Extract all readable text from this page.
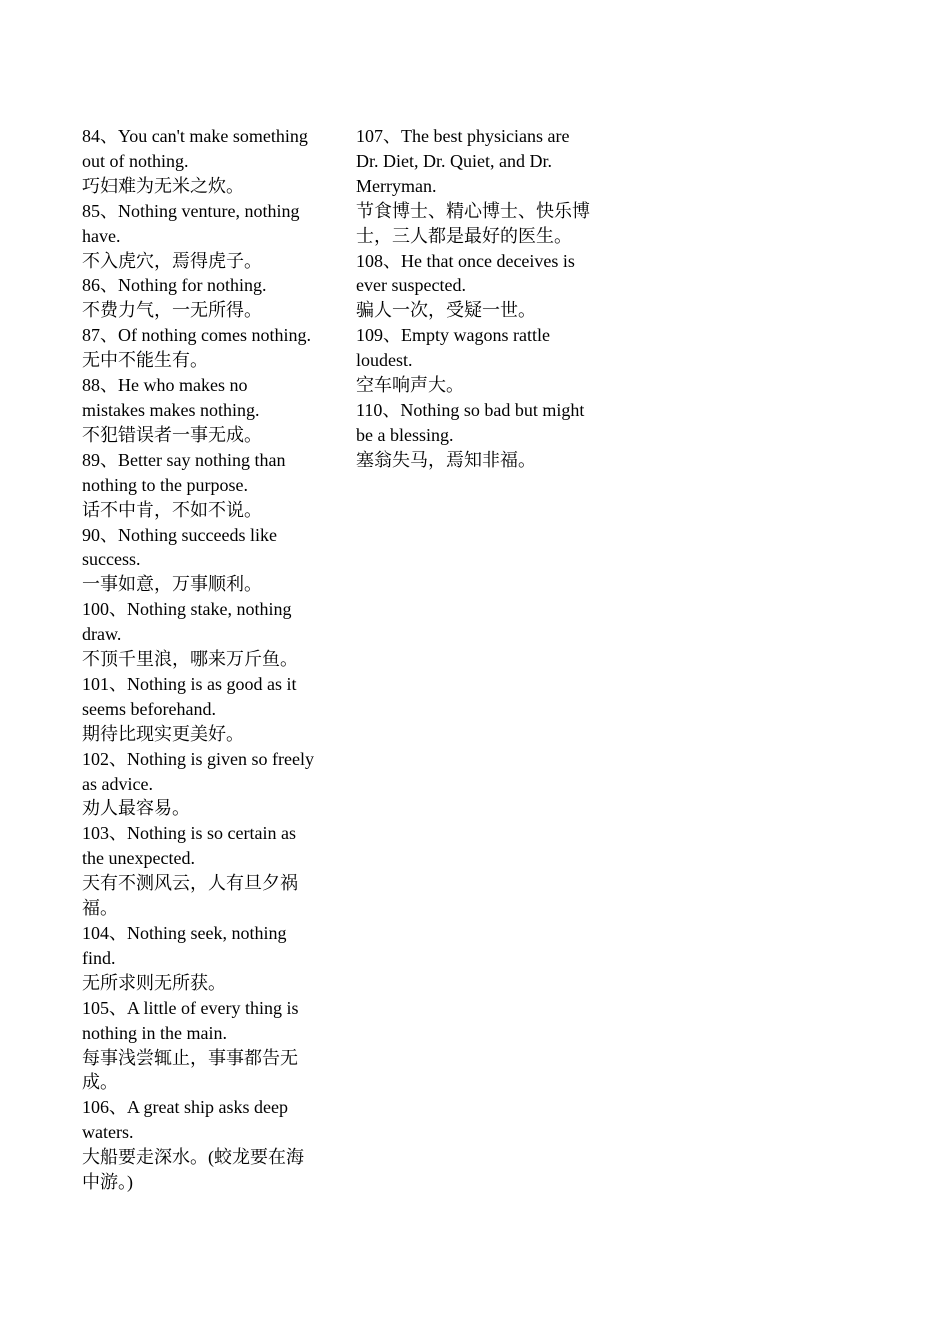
84、You can't make something
out of nothing.
巧妇难为无米之炊。
85、Nothing venture, nothing
have.
不入虎穴，焉得虎子。
86、Nothing for nothing.
不费力气，一无所得。
87、Of nothing comes nothing.
无中不能生有。
88、He who makes no
mistakes makes nothing.
不犯错误者一事无成。
89、Better say nothing than
nothing to the purpose.
话不中肯，不如不说。
90、Nothing succeeds like
success.
一事如意，万事顺利。
100、Nothing stake, nothing
draw.
不顶千里浪，哪来万斤鱼。
101、Nothing is as good as it
seems beforehand.
期待比现实更美好。
102、Nothing is given so freely
as advice.
劝人最容易。
103、Nothing is so certain as
the unexpected.
天有不测风云，人有旦夕祸
福。
104、Nothing seek, nothing
find.
无所求则无所获。
105、A little of every thing is
nothing in the main.
每事浅尝辄止，事事都告无
成。
106、A great ship asks deep
waters.
大船要走深水。(蛟龙要在海
中游。)
107、The best physicians are
Dr. Diet, Dr. Quiet, and Dr.
Merryman.
节食博士、精心博士、快乐博
士，三人都是最好的医生。
108、He that once deceives is
ever suspected.
骗人一次，受疑一世。
109、Empty wagons rattle
loudest.
空车响声大。
110、Nothing so bad but might
be a blessing.
塞翁失马，焉知非福。
